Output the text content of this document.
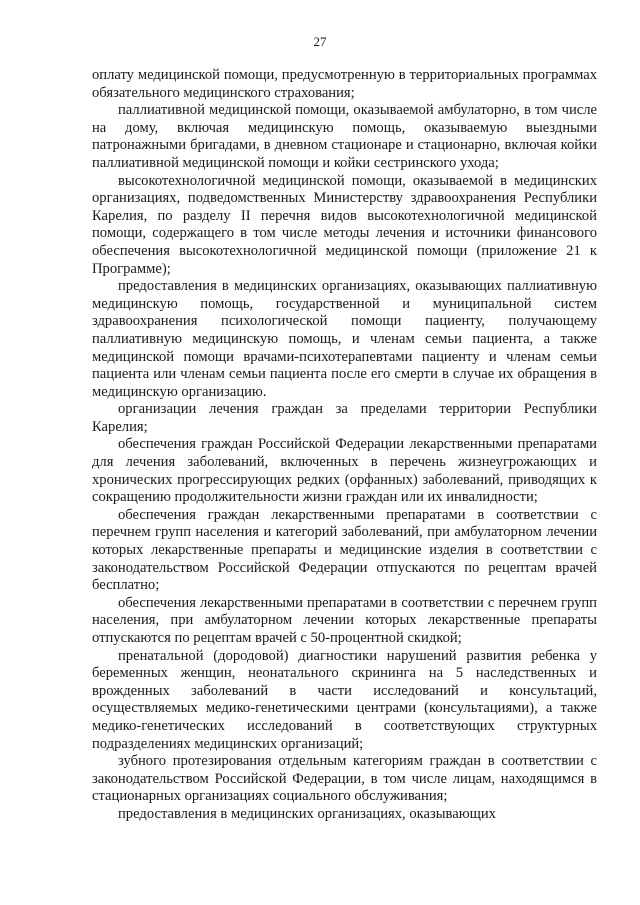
27

оплату медицинской помощи, предусмотренную в территориальных программах обязательного медицинского страхования;

паллиативной медицинской помощи, оказываемой амбулаторно, в том числе на дому, включая медицинскую помощь, оказываемую выездными патронажными бригадами, в дневном стационаре и стационарно, включая койки паллиативной медицинской помощи и койки сестринского ухода;

высокотехнологичной медицинской помощи, оказываемой в медицинских организациях, подведомственных Министерству здравоохранения Республики Карелия, по разделу II перечня видов высокотехнологичной медицинской помощи, содержащего в том числе методы лечения и источники финансового обеспечения высокотехнологичной медицинской помощи (приложение 21 к Программе);

предоставления в медицинских организациях, оказывающих паллиативную медицинскую помощь, государственной и муниципальной систем здравоохранения психологической помощи пациенту, получающему паллиативную медицинскую помощь, и членам семьи пациента, а также медицинской помощи врачами-психотерапевтами пациенту и членам семьи пациента или членам семьи пациента после его смерти в случае их обращения в медицинскую организацию.

организации лечения граждан за пределами территории Республики Карелия;

обеспечения граждан Российской Федерации лекарственными препаратами для лечения заболеваний, включенных в перечень жизнеугрожающих и хронических прогрессирующих редких (орфанных) заболеваний, приводящих к сокращению продолжительности жизни граждан или их инвалидности;

обеспечения граждан лекарственными препаратами в соответствии с перечнем групп населения и категорий заболеваний, при амбулаторном лечении которых лекарственные препараты и медицинские изделия в соответствии с законодательством Российской Федерации отпускаются по рецептам врачей бесплатно;

обеспечения лекарственными препаратами в соответствии с перечнем групп населения, при амбулаторном лечении которых лекарственные препараты отпускаются по рецептам врачей с 50-процентной скидкой;

пренатальной (дородовой) диагностики нарушений развития ребенка у беременных женщин, неонатального скрининга на 5 наследственных и врожденных заболеваний в части исследований и консультаций, осуществляемых медико-генетическими центрами (консультациями), а также медико-генетических исследований в соответствующих структурных подразделениях медицинских организаций;

зубного протезирования отдельным категориям граждан в соответствии с законодательством Российской Федерации, в том числе лицам, находящимся в стационарных организациях социального обслуживания;

предоставления в медицинских организациях, оказывающих
